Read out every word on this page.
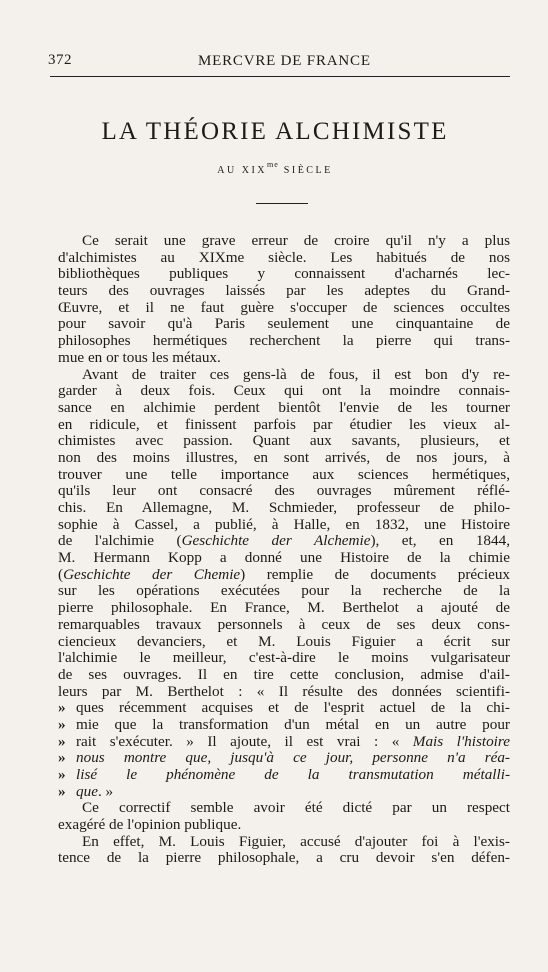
372	MERCVRE DE FRANCE
LA THÉORIE ALCHIMISTE
AU $XIX^{me}$ SIÈCLE
Ce serait une grave erreur de croire qu'il n'y a plus
d'alchimistes au XIXme siècle. Les habitués de nos
bibliothèques publiques y connaissent d'acharnés lec-
teurs des ouvrages laissés par les adeptes du Grand-
Œuvre, et il ne faut guère s'occuper de sciences occultes
pour savoir qu'à Paris seulement une cinquantaine de
philosophes hermétiques recherchent la pierre qui trans-
mue en or tous les métaux.
Avant de traiter ces gens-là de fous, il est bon d'y re-
garder à deux fois. Ceux qui ont la moindre connais-
sance en alchimie perdent bientôt l'envie de les tourner
en ridicule, et finissent parfois par étudier les vieux al-
chimistes avec passion. Quant aux savants, plusieurs, et
non des moins illustres, en sont arrivés, de nos jours, à
trouver une telle importance aux sciences hermétiques,
qu'ils leur ont consacré des ouvrages mûrement réflé-
chis. En Allemagne, M. Schmieder, professeur de philo-
sophie à Cassel, a publié, à Halle, en 1832, une Histoire
de l'alchimie (Geschichte der Alchemie), et, en 1844,
M. Hermann Kopp a donné une Histoire de la chimie
(Geschichte der Chemie) remplie de documents précieux
sur les opérations exécutées pour la recherche de la
pierre philosophale. En France, M. Berthelot a ajouté de
remarquables travaux personnels à ceux de ses deux cons-
ciencieux devanciers, et M. Louis Figuier a écrit sur
l'alchimie le meilleur, c'est-à-dire le moins vulgarisateur
de ses ouvrages. Il en tire cette conclusion, admise d'ail-
leurs par M. Berthelot : « Il résulte des données scientifi-
» ques récemment acquises et de l'esprit actuel de la chi-
» mie que la transformation d'un métal en un autre pour
» rait s'exécuter. » Il ajoute, il est vrai : « Mais l'histoire
» nous montre que, jusqu'à ce jour, personne n'a réa-
» lisé le phénomène de la transmutation métalli-
» que. »
Ce correctif semble avoir été dicté par un respect
exagéré de l'opinion publique.
En effet, M. Louis Figuier, accusé d'ajouter foi à l'exis-
tence de la pierre philosophale, a cru devoir s'en défen-
